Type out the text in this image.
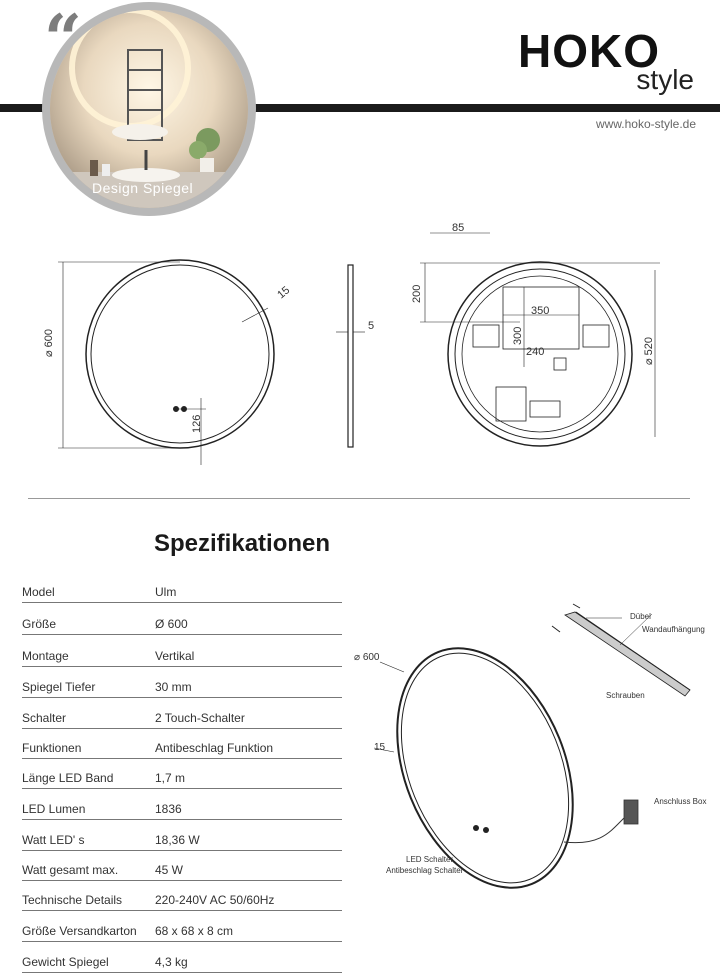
HOKO
style
www.hoko-style.de
“
Design Spiegel
⌀ 600
15
126
5
85
200
350
300
240
⌀ 520
Spezifikationen
Model	Ulm
Größe	Ø 600
Montage	Vertikal
Spiegel Tiefer	30 mm
Schalter	2 Touch-Schalter
Funktionen	Antibeschlag Funktion
Länge LED Band	1,7 m
LED Lumen	1836
Watt LED' s	18,36 W
Watt gesamt max.	45 W
Technische Details	220-240V AC 50/60Hz
Größe Versandkarton 68 x 68 x 8 cm
Gewicht Spiegel	4,3 kg
⌀ 600
15
Dübel
Wandaufhängung
Schrauben
Anschluss Box
LED Schalter
Antibeschlag Schalter
